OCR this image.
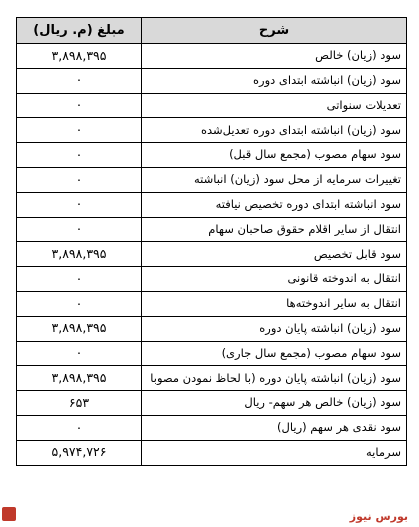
شرح	مبلغ (م. ریال)
سود (زیان) خالص	۳,۸۹۸,۳۹۵
سود (زیان) انباشته ابتدای دوره	۰
تعدیلات سنواتی	۰
سود (زیان) انباشته ابتدای دوره تعدیل‌شده	۰
سود سهام مصوب (مجمع سال قبل)	۰
تغییرات سرمایه از محل سود (زیان) انباشته	۰
سود انباشته ابتدای دوره تخصیص نیافته	۰
انتقال از سایر اقلام حقوق صاحبان سهام	۰
سود قابل تخصیص	۳,۸۹۸,۳۹۵
انتقال به اندوخته قانونی	۰
انتقال به سایر اندوخته‌ها	۰
سود (زیان) انباشته پایان دوره	۳,۸۹۸,۳۹۵
سود سهام مصوب (مجمع سال جاری)	۰
سود (زیان) انباشته پایان دوره (با لحاظ نمودن مصوبا	۳,۸۹۸,۳۹۵
سود (زیان) خالص هر سهم- ریال	۶۵۳
سود نقدی هر سهم (ریال)	۰
سرمایه	۵,۹۷۴,۷۲۶
بورس نیوز
